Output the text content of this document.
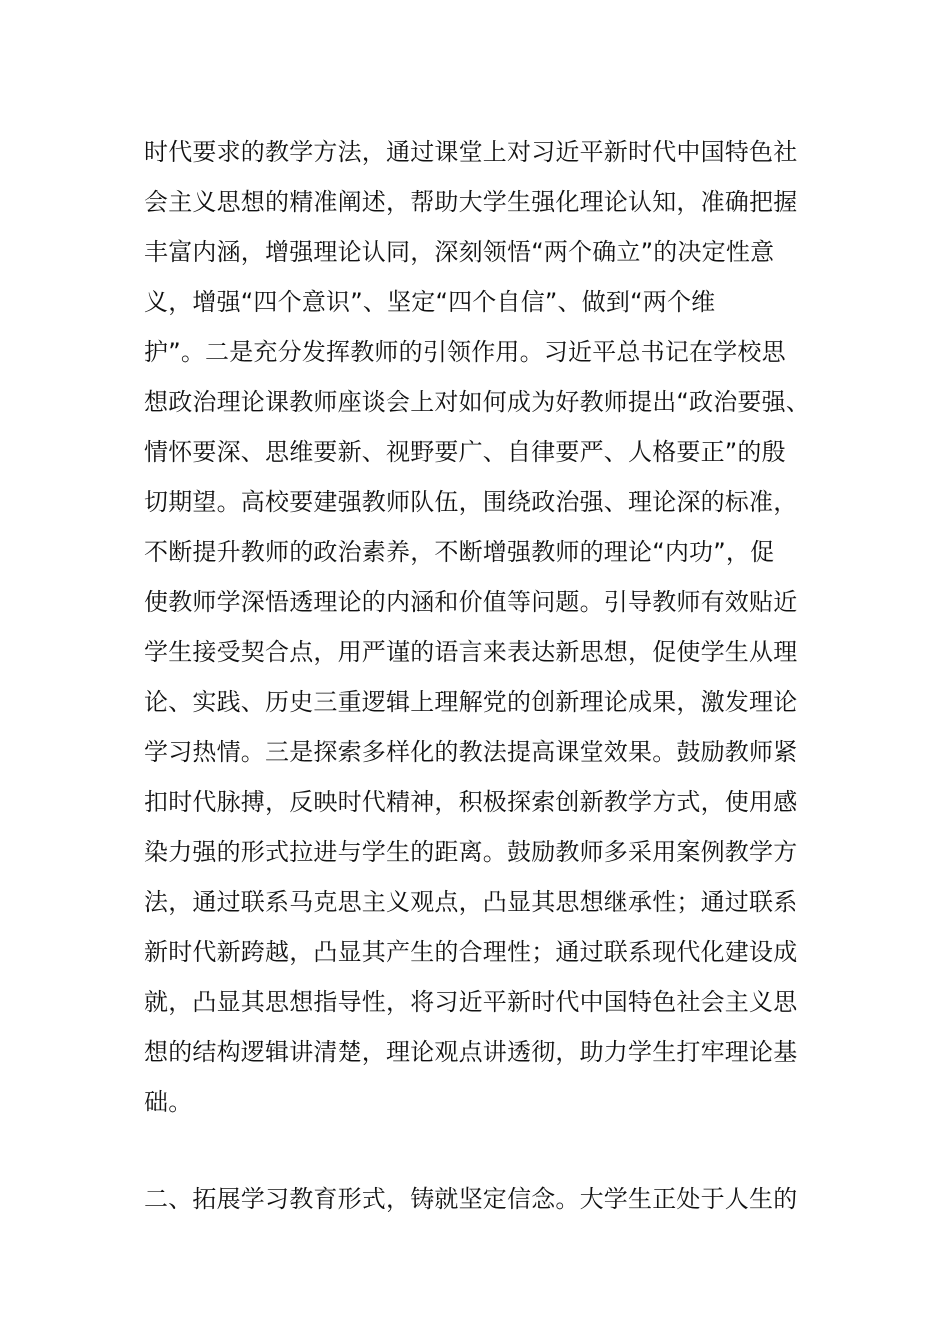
时代要求的教学方法，通过课堂上对习近平新时代中国特色社
会主义思想的精准阐述，帮助大学生强化理论认知，准确把握
丰富内涵，增强理论认同，深刻领悟“两个确立”的决定性意
义，增强“四个意识”、坚定“四个自信”、做到“两个维
护”。二是充分发挥教师的引领作用。习近平总书记在学校思
想政治理论课教师座谈会上对如何成为好教师提出“政治要强、
情怀要深、思维要新、视野要广、自律要严、人格要正”的殷
切期望。高校要建强教师队伍，围绕政治强、理论深的标准，
不断提升教师的政治素养，不断增强教师的理论“内功”，促
使教师学深悟透理论的内涵和价值等问题。引导教师有效贴近
学生接受契合点，用严谨的语言来表达新思想，促使学生从理
论、实践、历史三重逻辑上理解党的创新理论成果，激发理论
学习热情。三是探索多样化的教法提高课堂效果。鼓励教师紧
扣时代脉搏，反映时代精神，积极探索创新教学方式，使用感
染力强的形式拉进与学生的距离。鼓励教师多采用案例教学方
法，通过联系马克思主义观点，凸显其思想继承性；通过联系
新时代新跨越，凸显其产生的合理性；通过联系现代化建设成
就，凸显其思想指导性，将习近平新时代中国特色社会主义思
想的结构逻辑讲清楚，理论观点讲透彻，助力学生打牢理论基
础。
二、拓展学习教育形式，铸就坚定信念。大学生正处于人生的
